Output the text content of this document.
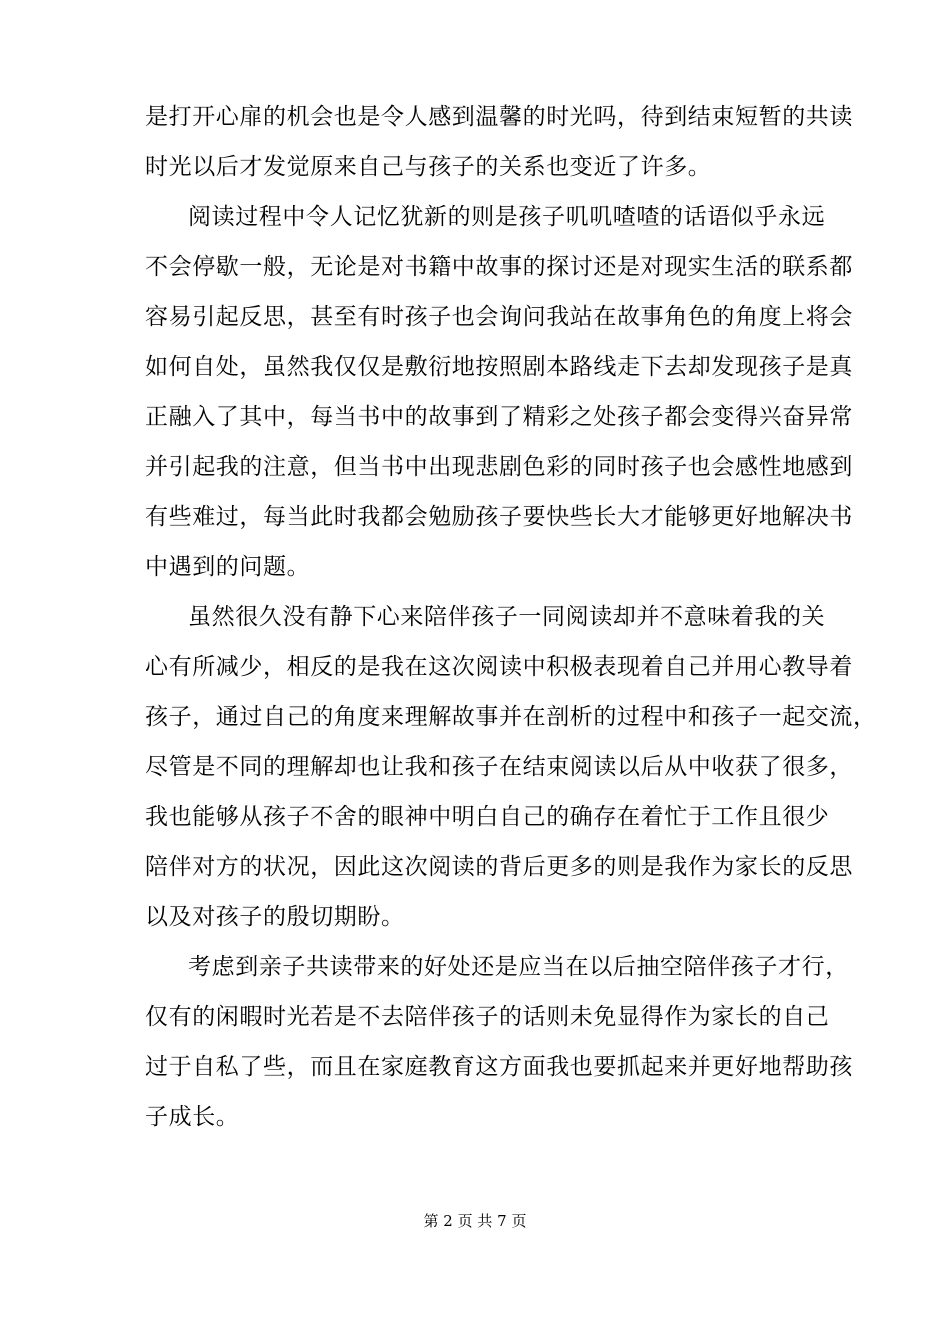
是打开心扉的机会也是令人感到温馨的时光吗，待到结束短暂的共读
时光以后才发觉原来自己与孩子的关系也变近了许多。
阅读过程中令人记忆犹新的则是孩子叽叽喳喳的话语似乎永远
不会停歇一般，无论是对书籍中故事的探讨还是对现实生活的联系都
容易引起反思，甚至有时孩子也会询问我站在故事角色的角度上将会
如何自处，虽然我仅仅是敷衍地按照剧本路线走下去却发现孩子是真
正融入了其中，每当书中的故事到了精彩之处孩子都会变得兴奋异常
并引起我的注意，但当书中出现悲剧色彩的同时孩子也会感性地感到
有些难过，每当此时我都会勉励孩子要快些长大才能够更好地解决书
中遇到的问题。
虽然很久没有静下心来陪伴孩子一同阅读却并不意味着我的关
心有所减少，相反的是我在这次阅读中积极表现着自己并用心教导着
孩子，通过自己的角度来理解故事并在剖析的过程中和孩子一起交流，
尽管是不同的理解却也让我和孩子在结束阅读以后从中收获了很多，
我也能够从孩子不舍的眼神中明白自己的确存在着忙于工作且很少
陪伴对方的状况，因此这次阅读的背后更多的则是我作为家长的反思
以及对孩子的殷切期盼。
考虑到亲子共读带来的好处还是应当在以后抽空陪伴孩子才行，
仅有的闲暇时光若是不去陪伴孩子的话则未免显得作为家长的自己
过于自私了些，而且在家庭教育这方面我也要抓起来并更好地帮助孩
子成长。
第 2 页 共 7 页
